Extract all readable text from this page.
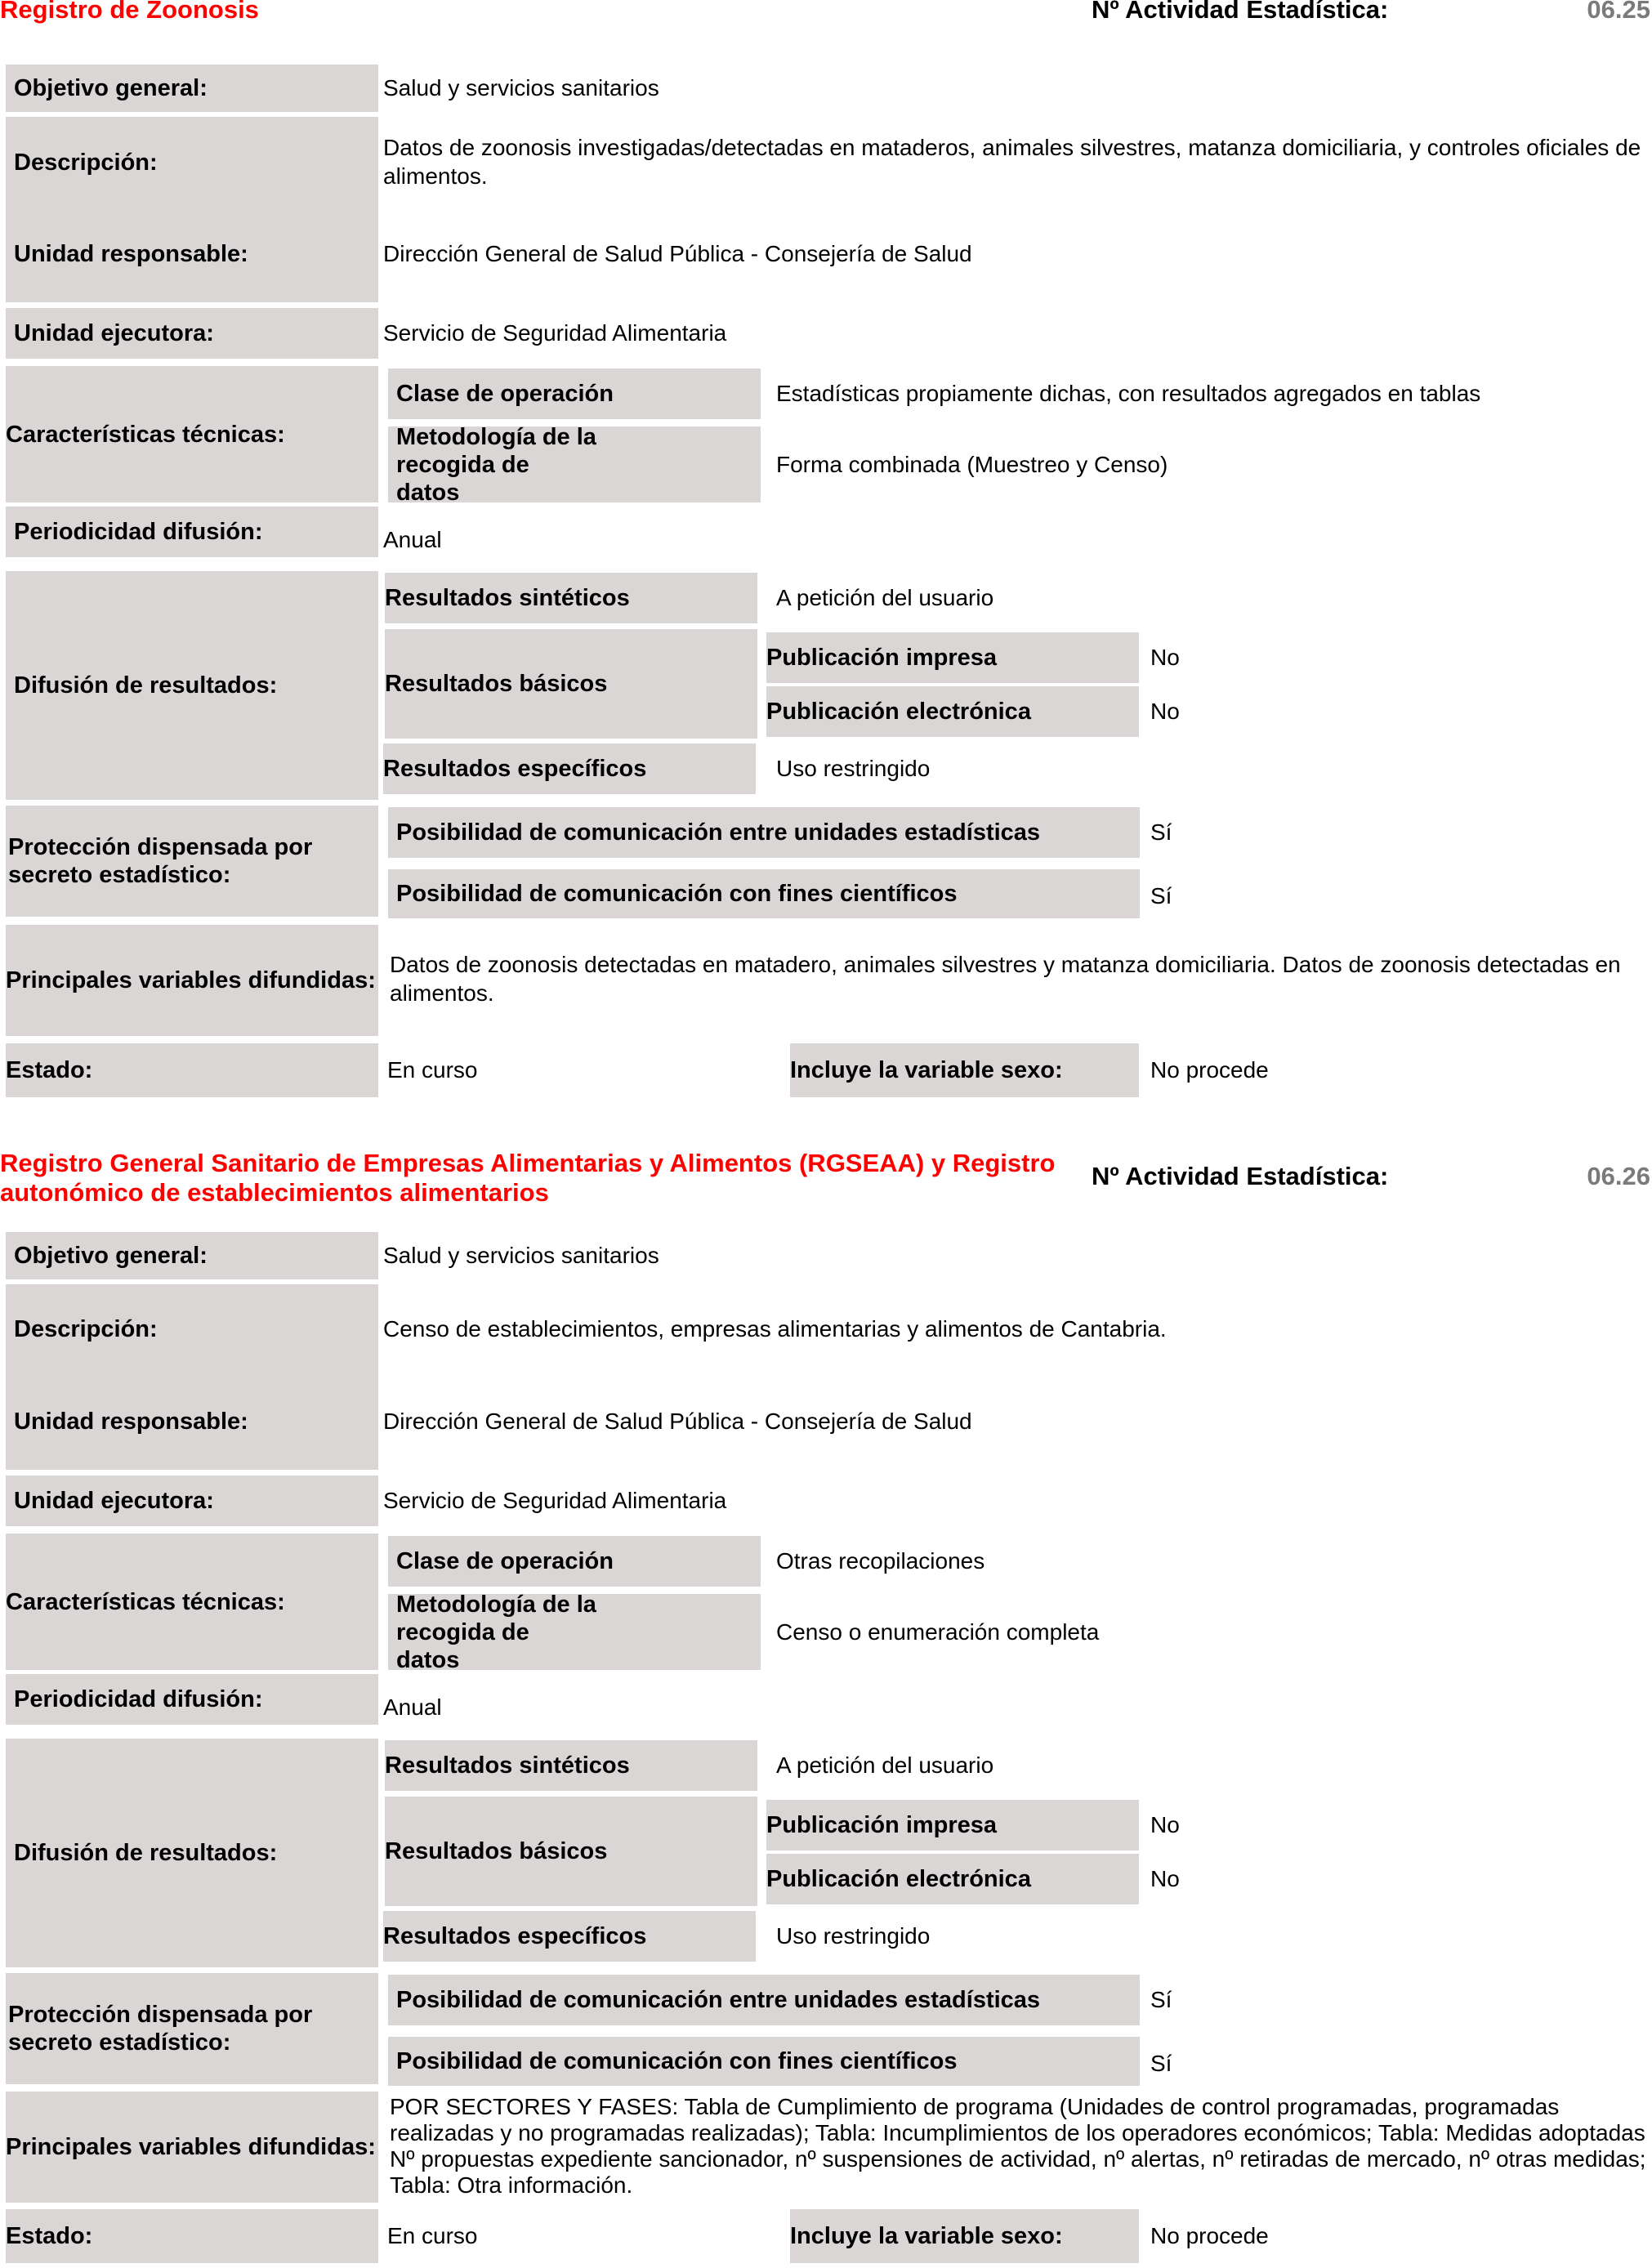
Registro de Zoonosis	Nº Actividad Estadística:	06.25
Objetivo general:	Salud y servicios sanitarios
Descripción:
Datos de zoonosis investigadas/detectadas en mataderos, animales silvestres, matanza domiciliaria, y controles oficiales de alimentos.
Unidad responsable:	Dirección General de Salud Pública - Consejería de Salud
Unidad ejecutora:	Servicio de Seguridad Alimentaria
Características técnicas:
Clase de operación	Estadísticas propiamente dichas, con resultados agregados en tablas
Metodología de la recogida de datos
Forma combinada (Muestreo y Censo)
Periodicidad difusión:	Anual
Difusión de resultados:
Resultados sintéticos	A petición del usuario
Resultados básicos
Publicación impresa	No
Publicación electrónica	No
Resultados específicos	Uso restringido
Protección dispensada por secreto estadístico:
Posibilidad de comunicación entre unidades estadísticas	Sí
Posibilidad de comunicación con fines científicos	Sí
Principales variables difundidas:
Datos de zoonosis detectadas en matadero, animales silvestres y matanza domiciliaria. Datos de zoonosis detectadas en alimentos.
Estado:	En curso	Incluye la variable sexo:	No procede
Registro General Sanitario de Empresas Alimentarias y Alimentos (RGSEAA) y Registro autonómico de establecimientos alimentarios
Nº Actividad Estadística:	06.26
Objetivo general:	Salud y servicios sanitarios
Descripción:	Censo de establecimientos, empresas alimentarias y alimentos de Cantabria.
Unidad responsable:	Dirección General de Salud Pública - Consejería de Salud
Unidad ejecutora:	Servicio de Seguridad Alimentaria
Características técnicas:
Clase de operación	Otras recopilaciones
Metodología de la recogida de datos
Censo o enumeración completa
Periodicidad difusión:	Anual
Difusión de resultados:
Resultados sintéticos	A petición del usuario
Resultados básicos
Publicación impresa	No
Publicación electrónica	No
Resultados específicos	Uso restringido
Protección dispensada por secreto estadístico:
Posibilidad de comunicación entre unidades estadísticas	Sí
Posibilidad de comunicación con fines científicos	Sí
Principales variables difundidas:
POR SECTORES Y FASES: Tabla de Cumplimiento de programa (Unidades de control programadas, programadas realizadas y no programadas realizadas); Tabla: Incumplimientos de los operadores económicos; Tabla: Medidas adoptadas Nº propuestas expediente sancionador, nº suspensiones de actividad, nº alertas, nº retiradas de mercado, nº otras medidas; Tabla: Otra información.
Estado:	En curso	Incluye la variable sexo:	No procede
